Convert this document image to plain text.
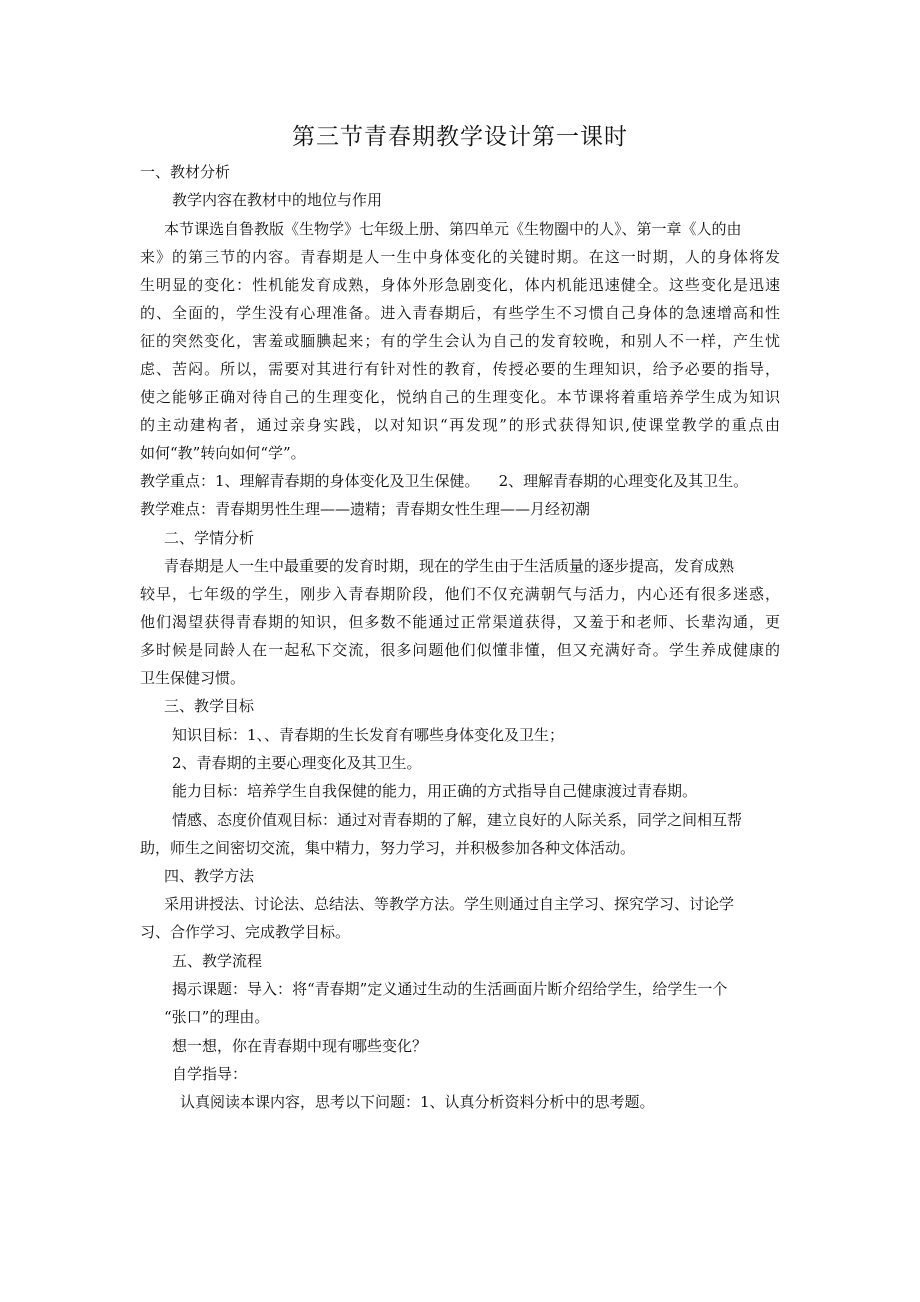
第三节青春期教学设计第一课时
一、教材分析
教学内容在教材中的地位与作用
本节课选自鲁教版《生物学》七年级上册、第四单元《生物圈中的人》、第一章《人的由
来》的第三节的内容。青春期是人一生中身体变化的关键时期。在这一时期，人的身体将发
生明显的变化：性机能发育成熟，身体外形急剧变化，体内机能迅速健全。这些变化是迅速
的、全面的，学生没有心理准备。进入青春期后，有些学生不习惯自己身体的急速增高和性
征的突然变化，害羞或腼腆起来；有的学生会认为自己的发育较晚，和别人不一样，产生忧
虑、苦闷。所以，需要对其进行有针对性的教育，传授必要的生理知识，给予必要的指导，
使之能够正确对待自己的生理变化，悦纳自己的生理变化。本节课将着重培养学生成为知识
的主动建构者，通过亲身实践，以对知识“再发现”的形式获得知识,使课堂教学的重点由
如何“教”转向如何“学”。
教学重点：1、理解青春期的身体变化及卫生保健。    2、理解青春期的心理变化及其卫生。
教学难点：青春期男性生理——遗精；青春期女性生理——月经初潮
二、学情分析
青春期是人一生中最重要的发育时期，现在的学生由于生活质量的逐步提高，发育成熟
较早，七年级的学生，刚步入青春期阶段，他们不仅充满朝气与活力，内心还有很多迷惑，
他们渴望获得青春期的知识，但多数不能通过正常渠道获得，又羞于和老师、长辈沟通，更
多时候是同龄人在一起私下交流，很多问题他们似懂非懂，但又充满好奇。学生养成健康的
卫生保健习惯。
三、教学目标
知识目标：1、、青春期的生长发育有哪些身体变化及卫生；
2、青春期的主要心理变化及其卫生。
能力目标：培养学生自我保健的能力，用正确的方式指导自己健康渡过青春期。
情感、态度价值观目标：通过对青春期的了解，建立良好的人际关系，同学之间相互帮
助，师生之间密切交流，集中精力，努力学习，并积极参加各种文体活动。
四、教学方法
采用讲授法、讨论法、总结法、等教学方法。学生则通过自主学习、探究学习、讨论学
习、合作学习、完成教学目标。
五、教学流程
揭示课题：导入：将“青春期”定义通过生动的生活画面片断介绍给学生，给学生一个
“张口”的理由。
想一想，你在青春期中现有哪些变化？
自学指导：
认真阅读本课内容，思考以下问题：1、认真分析资料分析中的思考题。
